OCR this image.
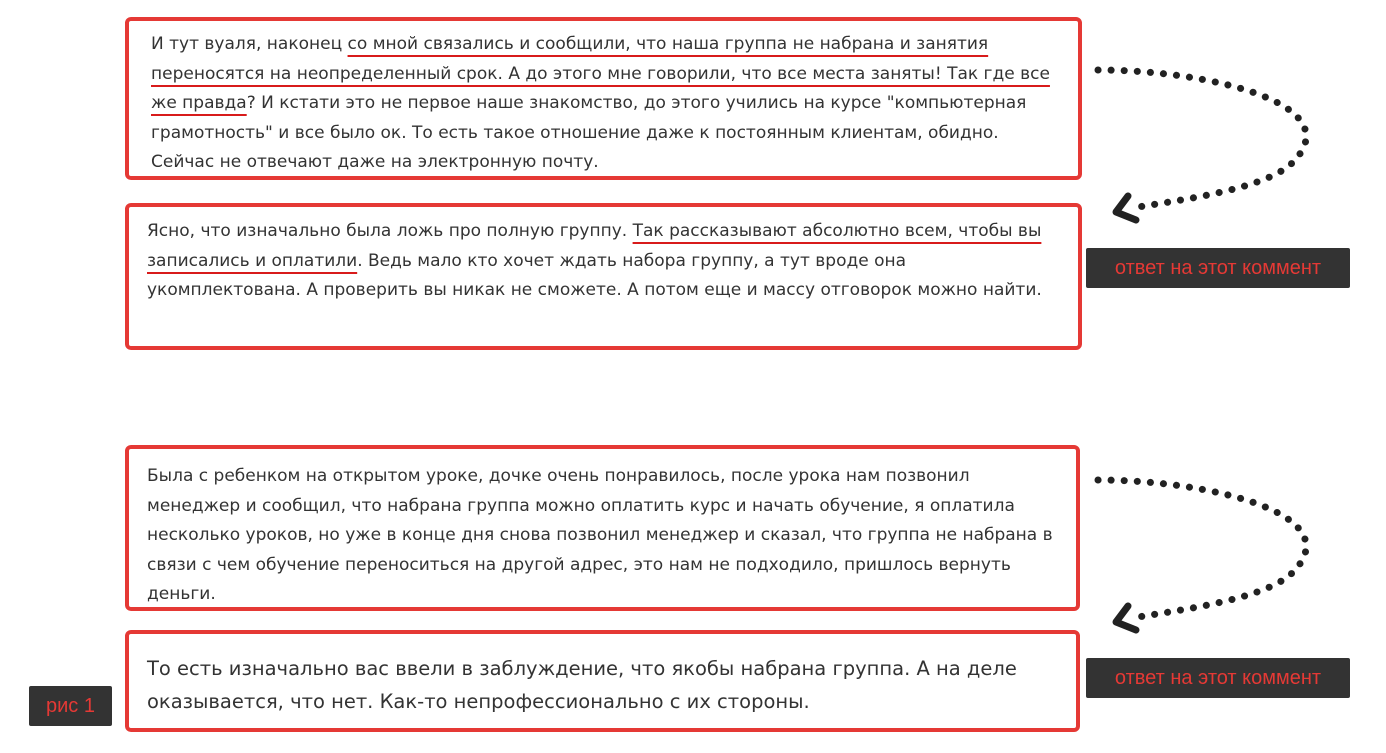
И тут вуаля, наконец со мной связались и сообщили, что наша группа не набрана и занятия переносятся на неопределенный срок. А до этого мне говорили, что все места заняты! Так где все же правда? И кстати это не первое наше знакомство, до этого учились на курсе "компьютерная грамотность" и все было ок. То есть такое отношение даже к постоянным клиентам, обидно. Сейчас не отвечают даже на электронную почту.

Ясно, что изначально была ложь про полную группу. Так рассказывают абсолютно всем, чтобы вы записались и оплатили. Ведь мало кто хочет ждать набора группу, а тут вроде она укомплектована. А проверить вы никак не сможете. А потом еще и массу отговорок можно найти.

Была с ребенком на открытом уроке, дочке очень понравилось, после урока нам позвонил менеджер и сообщил, что набрана группа можно оплатить курс и начать обучение, я оплатила несколько уроков, но уже в конце дня снова позвонил менеджер и сказал, что группа не набрана в связи с чем обучение переноситься на другой адрес, это нам не подходило, пришлось вернуть деньги.

То есть изначально вас ввели в заблуждение, что якобы набрана группа. А на деле оказывается, что нет. Как-то непрофессионально с их стороны.

ответ на этот коммент
ответ на этот коммент
рис 1
